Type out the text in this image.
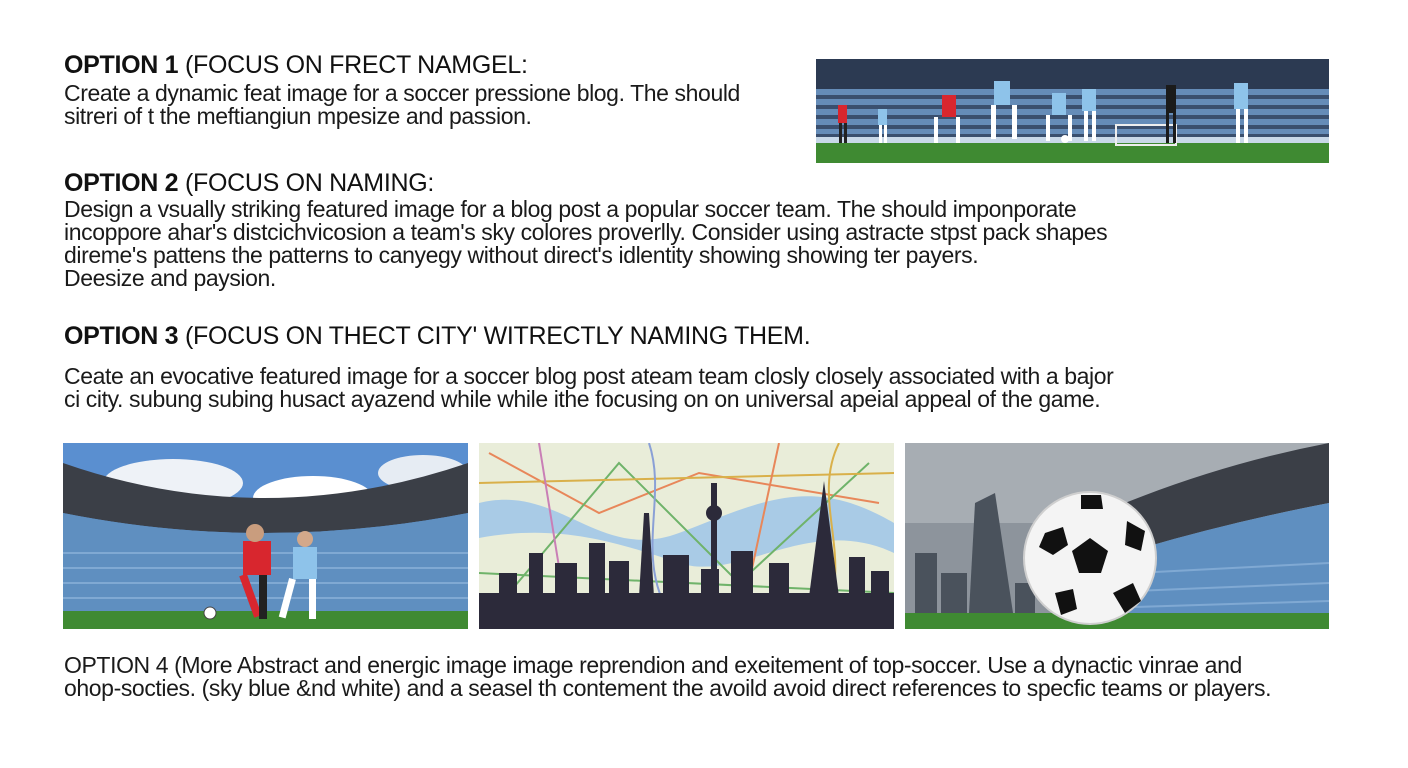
OPTION 1 (FOCUS ON FRECT NAMGEL:
Create a dynamic feat image for a soccer pressione blog. The should
sitreri of t the meftiangiun mpesize and passion.
OPTION 2 (FOCUS ON NAMING:
Design a vsually striking featured image for a blog post a popular soccer team. The should imponporate
incoppore ahar's distcichvicosion a team's sky colores proverlly. Consider using astracte stpst pack shapes
direme's pattens the patterns to canyegy without direct's idlentity showing showing ter payers.
Deesize and paysion.
OPTION 3 (FOCUS ON THECT CITY' WITRECTLY NAMING THEM.
Ceate an evocative featured image for a soccer blog post ateam team closly closely associated with a bajor
ci city. subung subing husact ayazend while while ithe focusing on on universal apeial appeal of the game.
OPTION 4 (More Abstract and energic image image reprendion and exeitement of top-soccer. Use a dynactic vinrae and
ohop-socties. (sky blue &nd white) and a seasel th contement the avoild avoid direct references to specfic teams or players.
